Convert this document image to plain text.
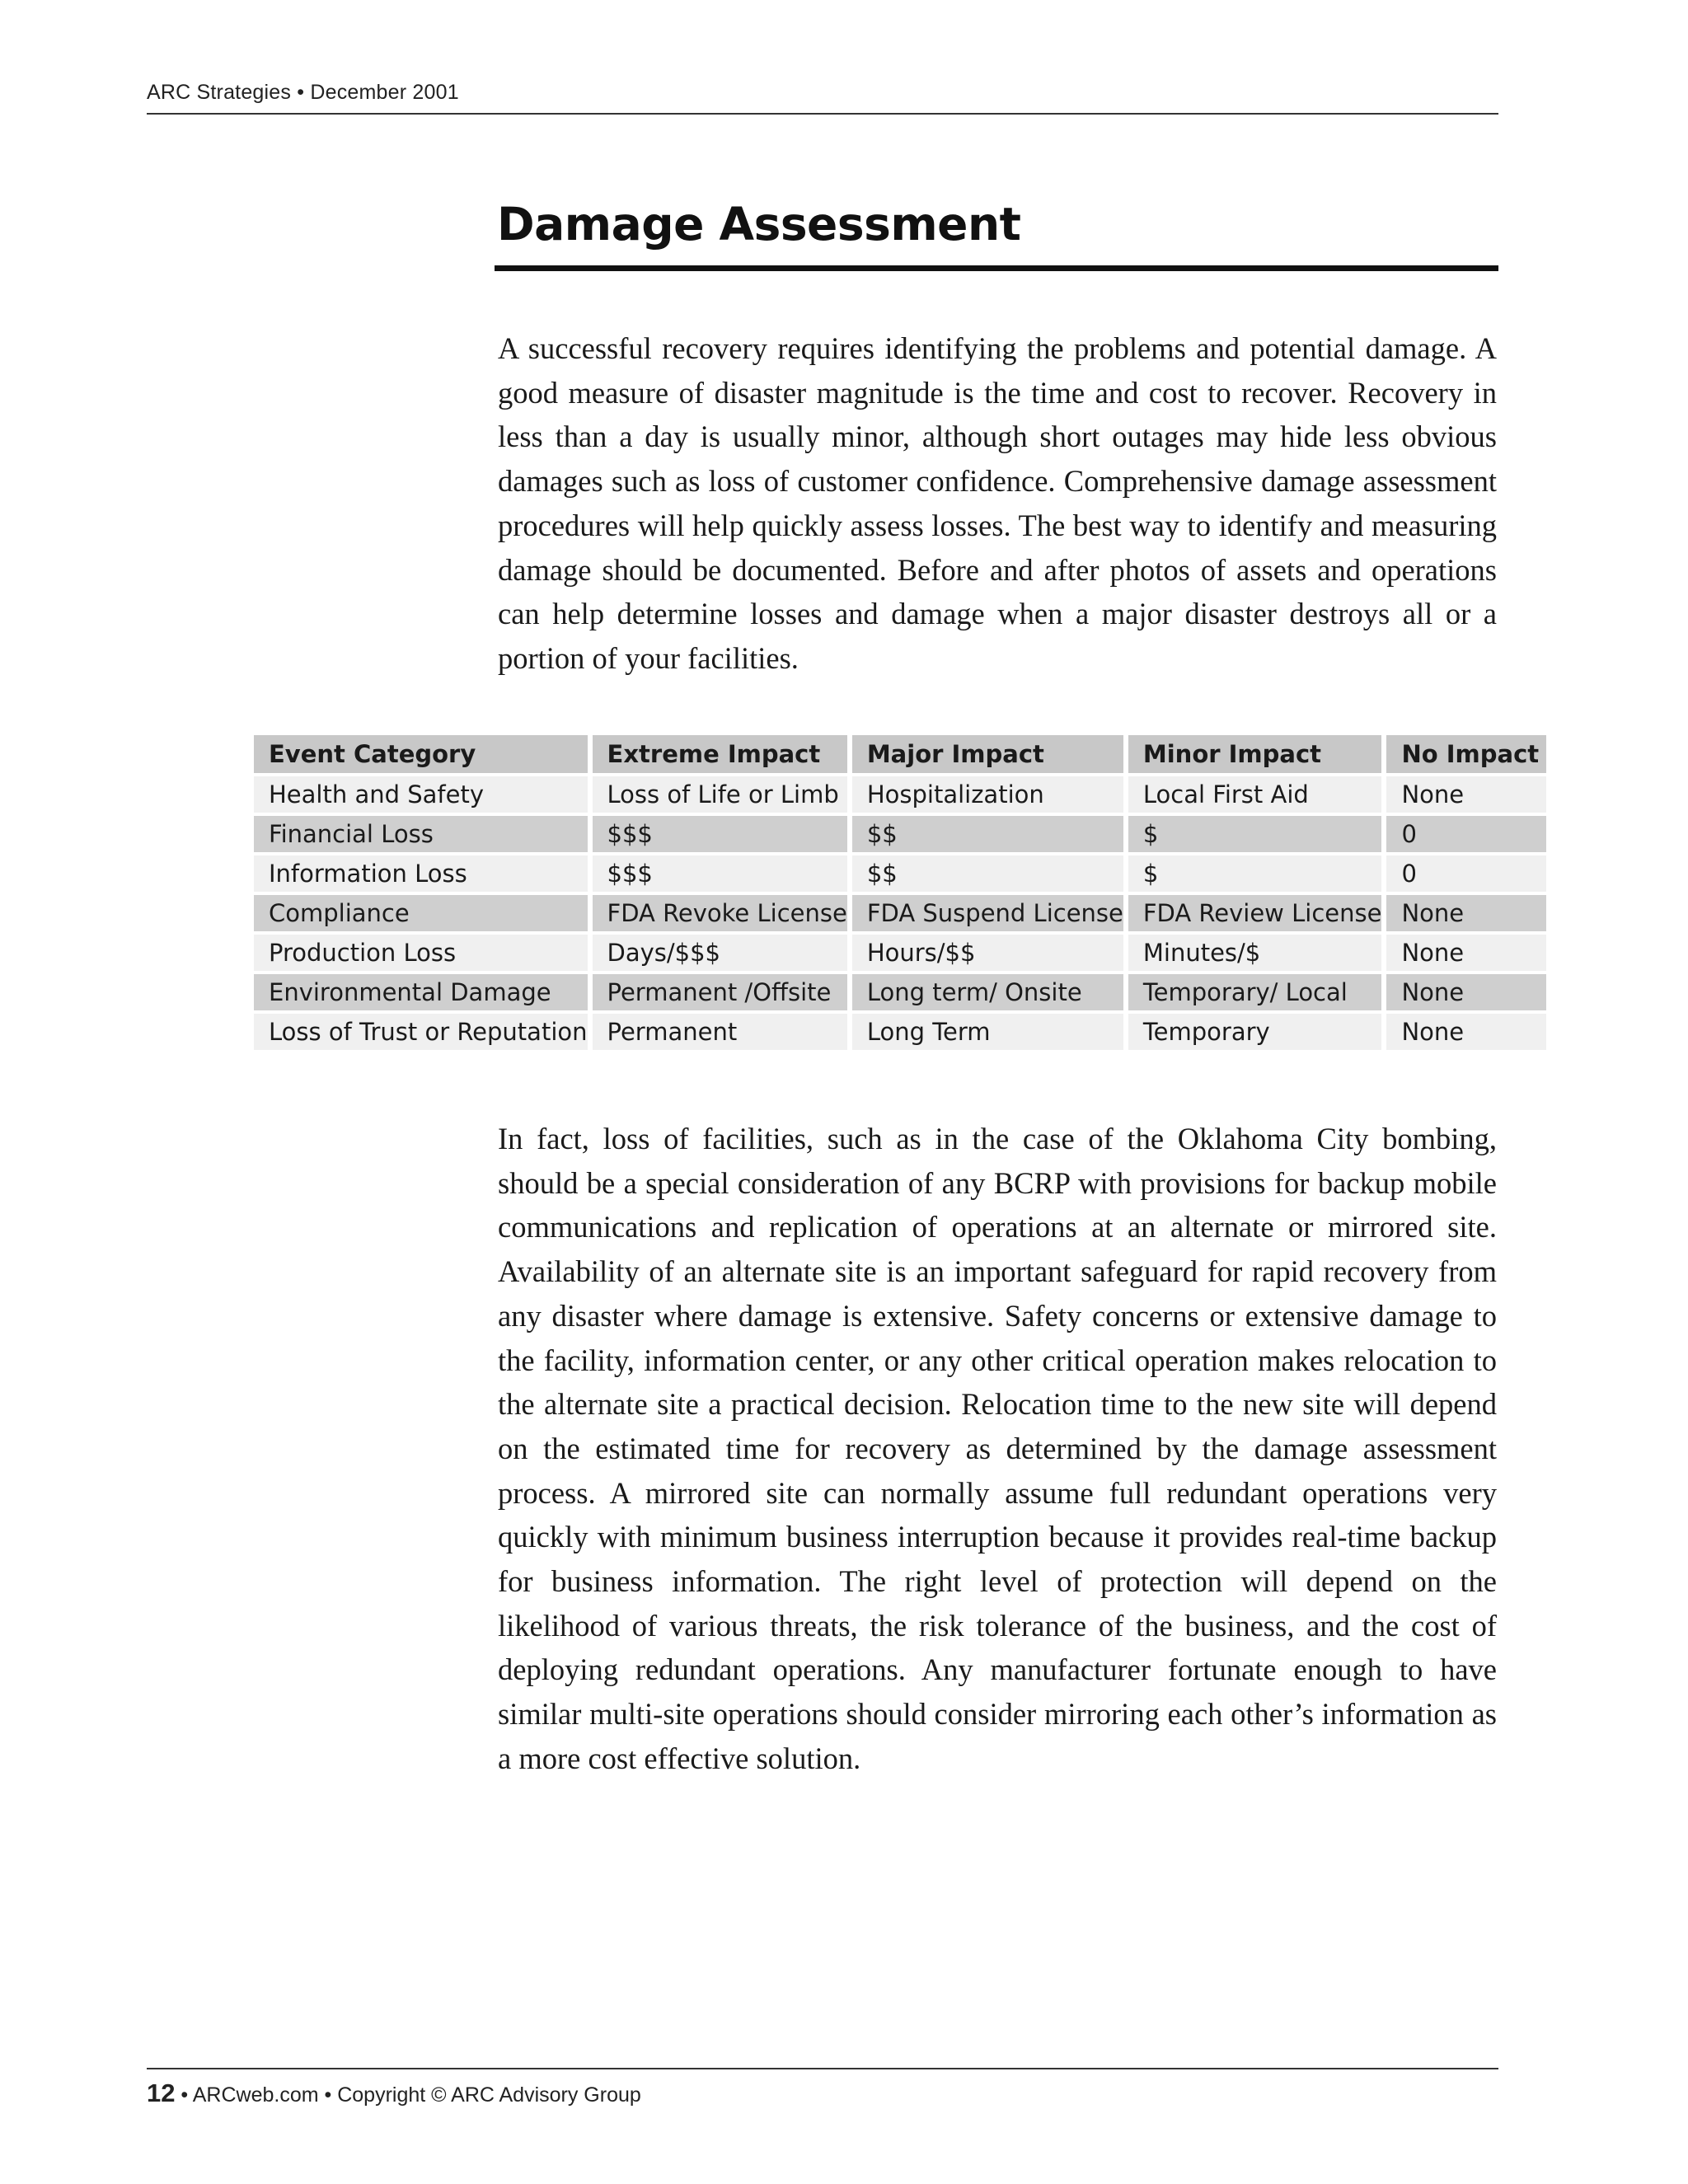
ARC Strategies • December 2001
Damage Assessment

A successful recovery requires identifying the problems and potential damage. A good measure of disaster magnitude is the time and cost to recover. Recovery in less than a day is usually minor, although short outages may hide less obvious damages such as loss of customer confidence. Comprehensive damage assessment procedures will help quickly assess losses. The best way to identify and measuring damage should be documented. Before and after photos of assets and operations can help determine losses and damage when a major disaster destroys all or a portion of your facilities.

Event Category	Extreme Impact	Major Impact	Minor Impact	No Impact
Health and Safety	Loss of Life or Limb	Hospitalization	Local First Aid	None
Financial Loss	$$$	$$	$	0
Information Loss	$$$	$$	$	0
Compliance	FDA Revoke License	FDA Suspend License	FDA Review License	None
Production Loss	Days/$$$	Hours/$$	Minutes/$	None
Environmental Damage	Permanent /Offsite	Long term/ Onsite	Temporary/ Local	None
Loss of Trust or Reputation	Permanent	Long Term	Temporary	None

In fact, loss of facilities, such as in the case of the Oklahoma City bombing, should be a special consideration of any BCRP with provisions for backup mobile communications and replication of operations at an alternate or mirrored site. Availability of an alternate site is an important safeguard for rapid recovery from any disaster where damage is extensive. Safety concerns or extensive damage to the facility, information center, or any other critical operation makes relocation to the alternate site a practical decision. Relocation time to the new site will depend on the estimated time for recovery as determined by the damage assessment process. A mirrored site can normally assume full redundant operations very quickly with minimum business interruption because it provides real-time backup for business information. The right level of protection will depend on the likelihood of various threats, the risk tolerance of the business, and the cost of deploying redundant operations. Any manufacturer fortunate enough to have similar multi-site operations should consider mirroring each other’s information as a more cost effective solution.

12 • ARCweb.com • Copyright © ARC Advisory Group
